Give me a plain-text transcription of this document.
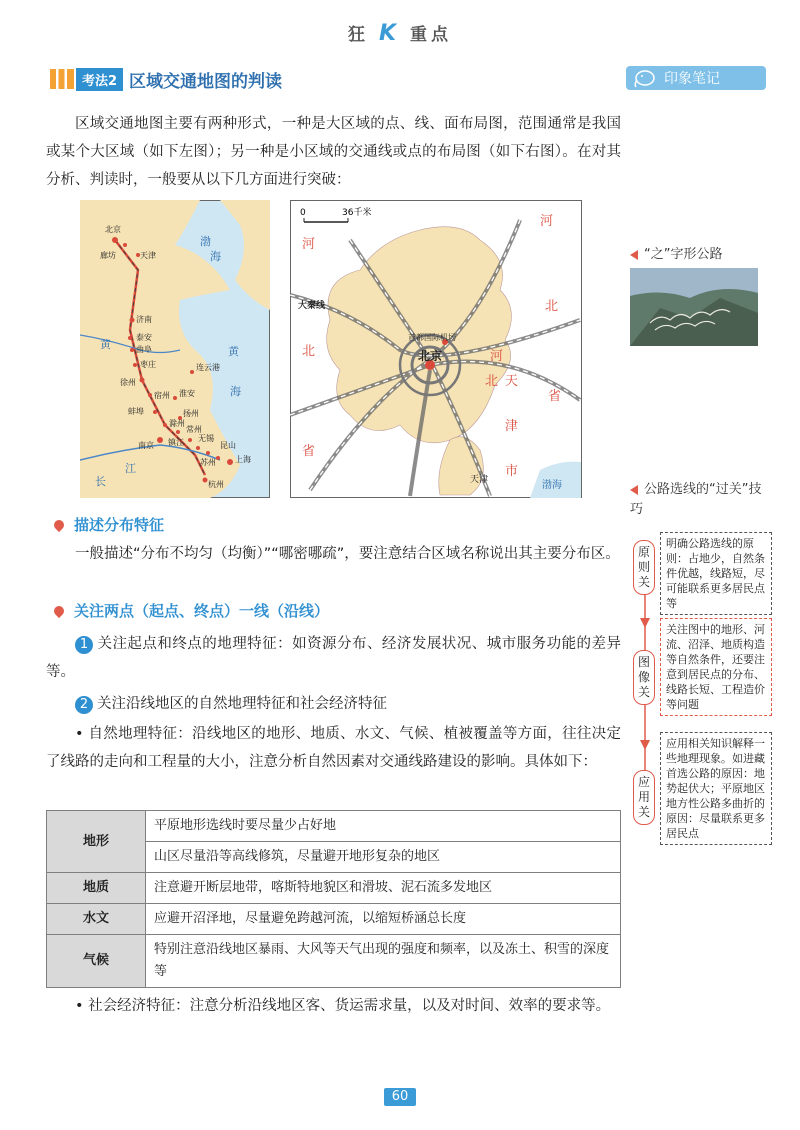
狂 K 重点
考法2 区域交通地图的判读	印象笔记
区域交通地图主要有两种形式，一种是大区域的点、线、面布局图，范围通常是我国或某个大区域（如下左图）；另一种是小区域的交通线或点的布局图（如下右图）。在对其分析、判读时，一般要从以下几方面进行突破：
北京
天津
廊坊
济南
泰安
曲阜
枣庄
徐州
宿州
蚌埠
滁州
南京 镇江
常州
无锡
苏州
昆山
上海
杭州
连云港
淮安
扬州
渤
海
黄
海
长
江
黄
0	36千米
北京
首都国际机场
大秦线
河
北
省
河
北
省
天
津
市
河
北
渤海
天津
描述分布特征
一般描述“分布不均匀（均衡）”“哪密哪疏”，要注意结合区域名称说出其主要分布区。
关注两点（起点、终点）一线（沿线）
1 关注起点和终点的地理特征：如资源分布、经济发展状况、城市服务功能的差异等。
2 关注沿线地区的自然地理特征和社会经济特征
• 自然地理特征：沿线地区的地形、地质、水文、气候、植被覆盖等方面，往往决定了线路的走向和工程量的大小，注意分析自然因素对交通线路建设的影响。具体如下：
地形	平原地形选线时要尽量少占好地
	山区尽量沿等高线修筑，尽量避开地形复杂的地区
地质	注意避开断层地带，喀斯特地貌区和滑坡、泥石流多发地区
水文	应避开沼泽地，尽量避免跨越河流，以缩短桥涵总长度
气候	特别注意沿线地区暴雨、大风等天气出现的强度和频率，以及冻土、积雪的深度等
• 社会经济特征：注意分析沿线地区客、货运需求量，以及对时间、效率的要求等。
“之”字形公路
公路选线的“过关”技巧
原则关
明确公路选线的原则：占地少，自然条件优越，线路短，尽可能联系更多居民点等
图像关
关注图中的地形、河流、沼泽、地质构造等自然条件，还要注意到居民点的分布、线路长短、工程造价等问题
应用关
应用相关知识解释一些地理现象。如进藏首选公路的原因：地势起伏大；平原地区地方性公路多曲折的原因：尽量联系更多居民点
60
